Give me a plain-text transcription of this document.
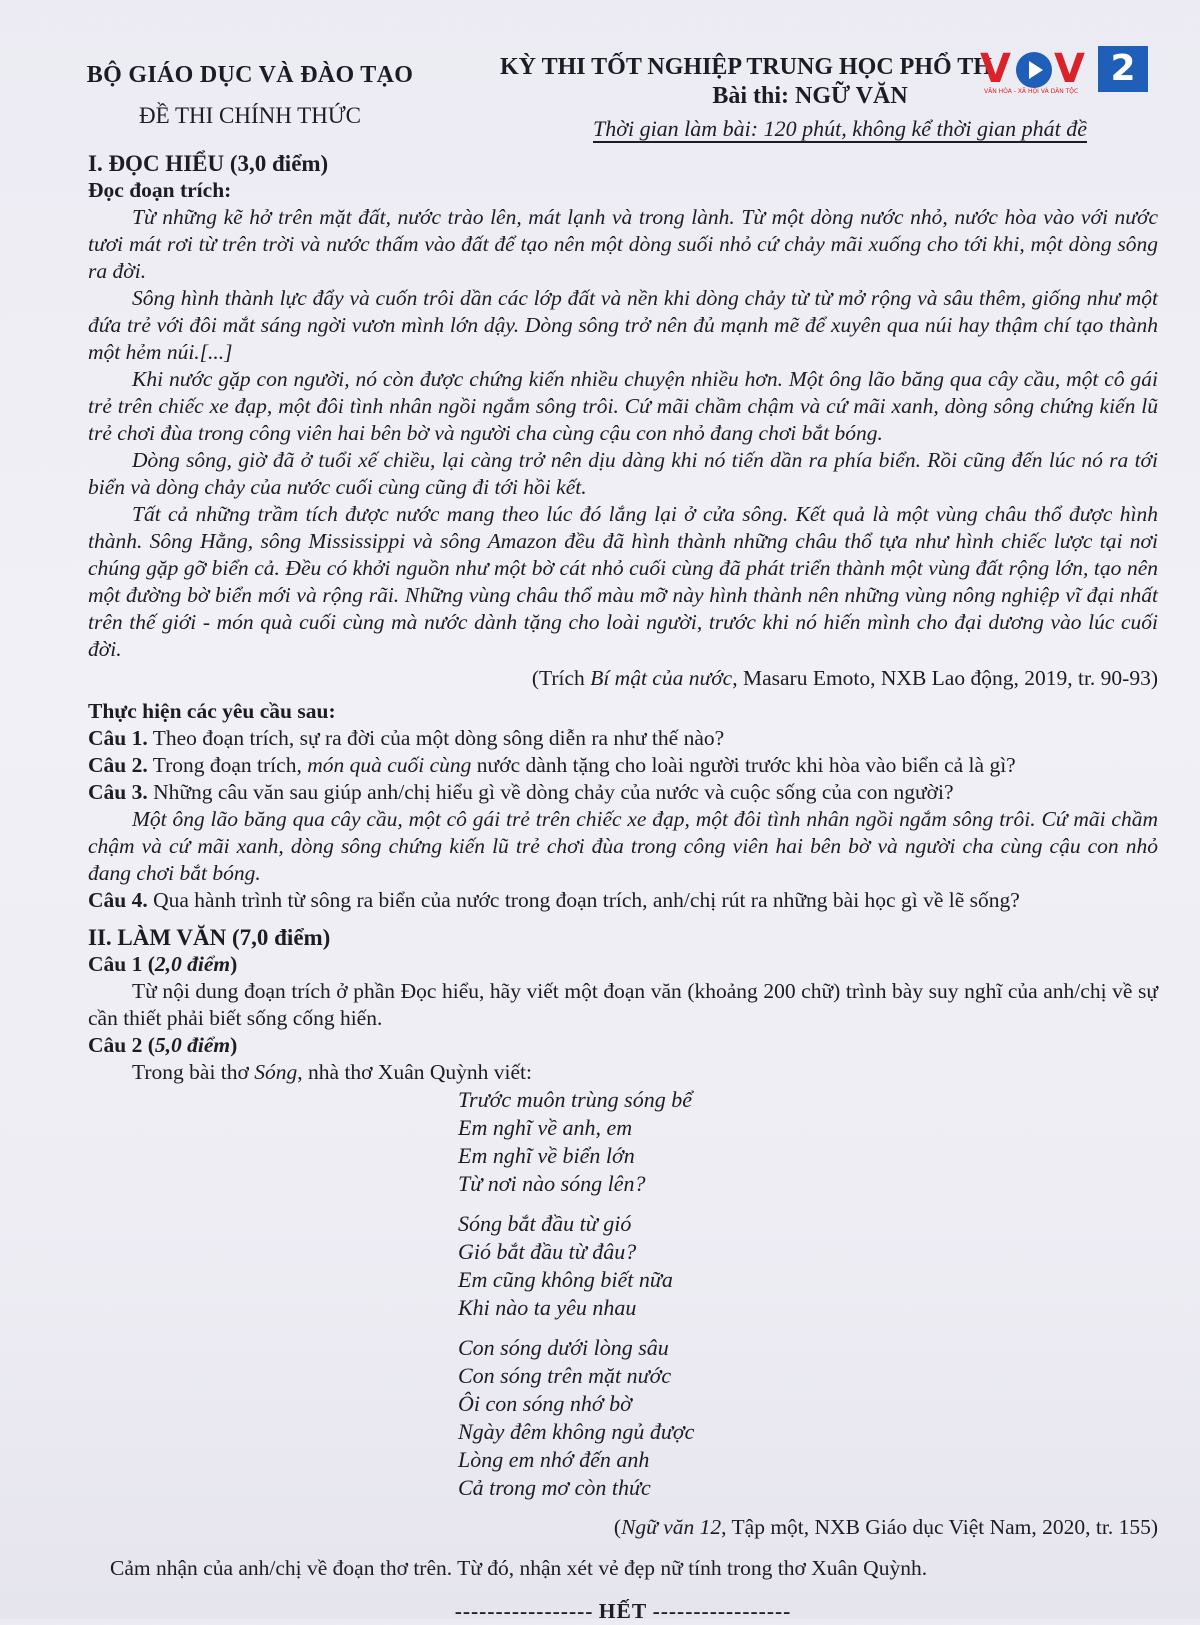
BỘ GIÁO DỤC VÀ ĐÀO TẠO
ĐỀ THI CHÍNH THỨC
KỲ THI TỐT NGHIỆP TRUNG HỌC PHỔ TH
Bài thi: NGỮ VĂN
Thời gian làm bài: 120 phút, không kể thời gian phát đề
V V 2
VĂN HÓA - XÃ HỘI VÀ DÂN TỘC
I. ĐỌC HIỂU (3,0 điểm)
Đọc đoạn trích:

Từ những kẽ hở trên mặt đất, nước trào lên, mát lạnh và trong lành. Từ một dòng nước nhỏ, nước hòa vào với nước tươi mát rơi từ trên trời và nước thấm vào đất để tạo nên một dòng suối nhỏ cứ chảy mãi xuống cho tới khi, một dòng sông ra đời.

Sông hình thành lực đẩy và cuốn trôi dần các lớp đất và nền khi dòng chảy từ từ mở rộng và sâu thêm, giống như một đứa trẻ với đôi mắt sáng ngời vươn mình lớn dậy. Dòng sông trở nên đủ mạnh mẽ để xuyên qua núi hay thậm chí tạo thành một hẻm núi.[...]

Khi nước gặp con người, nó còn được chứng kiến nhiều chuyện nhiều hơn. Một ông lão băng qua cây cầu, một cô gái trẻ trên chiếc xe đạp, một đôi tình nhân ngồi ngắm sông trôi. Cứ mãi chầm chậm và cứ mãi xanh, dòng sông chứng kiến lũ trẻ chơi đùa trong công viên hai bên bờ và người cha cùng cậu con nhỏ đang chơi bắt bóng.

Dòng sông, giờ đã ở tuổi xế chiều, lại càng trở nên dịu dàng khi nó tiến dần ra phía biển. Rồi cũng đến lúc nó ra tới biển và dòng chảy của nước cuối cùng cũng đi tới hồi kết.

Tất cả những trầm tích được nước mang theo lúc đó lắng lại ở cửa sông. Kết quả là một vùng châu thổ được hình thành. Sông Hằng, sông Mississippi và sông Amazon đều đã hình thành những châu thổ tựa như hình chiếc lược tại nơi chúng gặp gỡ biển cả. Đều có khởi nguồn như một bờ cát nhỏ cuối cùng đã phát triển thành một vùng đất rộng lớn, tạo nên một đường bờ biển mới và rộng rãi. Những vùng châu thổ màu mỡ này hình thành nên những vùng nông nghiệp vĩ đại nhất trên thế giới - món quà cuối cùng mà nước dành tặng cho loài người, trước khi nó hiến mình cho đại dương vào lúc cuối đời.

(Trích Bí mật của nước, Masaru Emoto, NXB Lao động, 2019, tr. 90-93)
Thực hiện các yêu cầu sau:

Câu 1. Theo đoạn trích, sự ra đời của một dòng sông diễn ra như thế nào?

Câu 2. Trong đoạn trích, món quà cuối cùng nước dành tặng cho loài người trước khi hòa vào biển cả là gì?

Câu 3. Những câu văn sau giúp anh/chị hiểu gì về dòng chảy của nước và cuộc sống của con người?

Một ông lão băng qua cây cầu, một cô gái trẻ trên chiếc xe đạp, một đôi tình nhân ngồi ngắm sông trôi. Cứ mãi chầm chậm và cứ mãi xanh, dòng sông chứng kiến lũ trẻ chơi đùa trong công viên hai bên bờ và người cha cùng cậu con nhỏ đang chơi bắt bóng.

Câu 4. Qua hành trình từ sông ra biển của nước trong đoạn trích, anh/chị rút ra những bài học gì về lẽ sống?

II. LÀM VĂN (7,0 điểm)
Câu 1 (2,0 điểm)

Từ nội dung đoạn trích ở phần Đọc hiểu, hãy viết một đoạn văn (khoảng 200 chữ) trình bày suy nghĩ của anh/chị về sự cần thiết phải biết sống cống hiến.

Câu 2 (5,0 điểm)

Trong bài thơ Sóng, nhà thơ Xuân Quỳnh viết:

Trước muôn trùng sóng bể
Em nghĩ về anh, em
Em nghĩ về biển lớn
Từ nơi nào sóng lên?
Sóng bắt đầu từ gió
Gió bắt đầu từ đâu?
Em cũng không biết nữa
Khi nào ta yêu nhau
Con sóng dưới lòng sâu
Con sóng trên mặt nước
Ôi con sóng nhớ bờ
Ngày đêm không ngủ được
Lòng em nhớ đến anh
Cả trong mơ còn thức
(Ngữ văn 12, Tập một, NXB Giáo dục Việt Nam, 2020, tr. 155)
Cảm nhận của anh/chị về đoạn thơ trên. Từ đó, nhận xét vẻ đẹp nữ tính trong thơ Xuân Quỳnh.
----------------- HẾT -----------------
